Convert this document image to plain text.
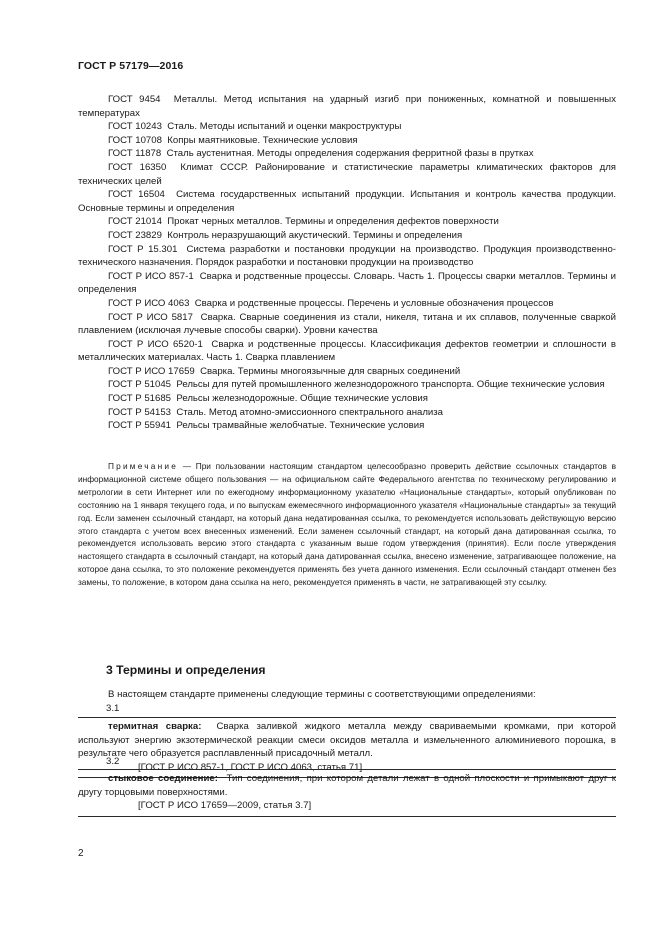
ГОСТ Р 57179—2016

ГОСТ 9454 Металлы. Метод испытания на ударный изгиб при пониженных, комнатной и повышенных температурах

ГОСТ 10243 Сталь. Методы испытаний и оценки макроструктуры

ГОСТ 10708 Копры маятниковые. Технические условия

ГОСТ 11878 Сталь аустенитная. Методы определения содержания ферритной фазы в прутках

ГОСТ 16350 Климат СССР. Районирование и статистические параметры климатических факторов для технических целей

ГОСТ 16504 Система государственных испытаний продукции. Испытания и контроль качества продукции. Основные термины и определения

ГОСТ 21014 Прокат черных металлов. Термины и определения дефектов поверхности

ГОСТ 23829 Контроль неразрушающий акустический. Термины и определения

ГОСТ Р 15.301 Система разработки и постановки продукции на производство. Продукция производственно-технического назначения. Порядок разработки и постановки продукции на производство

ГОСТ Р ИСО 857-1 Сварка и родственные процессы. Словарь. Часть 1. Процессы сварки металлов. Термины и определения

ГОСТ Р ИСО 4063 Сварка и родственные процессы. Перечень и условные обозначения процессов

ГОСТ Р ИСО 5817 Сварка. Сварные соединения из стали, никеля, титана и их сплавов, полученные сваркой плавлением (исключая лучевые способы сварки). Уровни качества

ГОСТ Р ИСО 6520-1 Сварка и родственные процессы. Классификация дефектов геометрии и сплошности в металлических материалах. Часть 1. Сварка плавлением

ГОСТ Р ИСО 17659 Сварка. Термины многоязычные для сварных соединений

ГОСТ Р 51045 Рельсы для путей промышленного железнодорожного транспорта. Общие технические условия

ГОСТ Р 51685 Рельсы железнодорожные. Общие технические условия

ГОСТ Р 54153 Сталь. Метод атомно-эмиссионного спектрального анализа

ГОСТ Р 55941 Рельсы трамвайные желобчатые. Технические условия

Примечание — При пользовании настоящим стандартом целесообразно проверить действие ссылочных стандартов в информационной системе общего пользования — на официальном сайте Федерального агентства по техническому регулированию и метрологии в сети Интернет или по ежегодному информационному указателю «Национальные стандарты», который опубликован по состоянию на 1 января текущего года, и по выпускам ежемесячного информационного указателя «Национальные стандарты» за текущий год. Если заменен ссылочный стандарт, на который дана недатированная ссылка, то рекомендуется использовать действующую версию этого стандарта с учетом всех внесенных изменений. Если заменен ссылочный стандарт, на который дана датированная ссылка, то рекомендуется использовать версию этого стандарта с указанным выше годом утверждения (принятия). Если после утверждения настоящего стандарта в ссылочный стандарт, на который дана датированная ссылка, внесено изменение, затрагивающее положение, на которое дана ссылка, то это положение рекомендуется применять без учета данного изменения. Если ссылочный стандарт отменен без замены, то положение, в котором дана ссылка на него, рекомендуется применять в части, не затрагивающей эту ссылку.

3 Термины и определения

В настоящем стандарте применены следующие термины с соответствующими определениями:

3.1

термитная сварка: Сварка заливкой жидкого металла между свариваемыми кромками, при которой используют энергию экзотермической реакции смеси оксидов металла и измельченного алюминиевого порошка, в результате чего образуется расплавленный присадочный металл.

[ГОСТ Р ИСО 857-1, ГОСТ Р ИСО 4063, статья 71]

3.2

стыковое соединение: Тип соединения, при котором детали лежат в одной плоскости и примыкают друг к другу торцовыми поверхностями.

[ГОСТ Р ИСО 17659—2009, статья 3.7]

2
